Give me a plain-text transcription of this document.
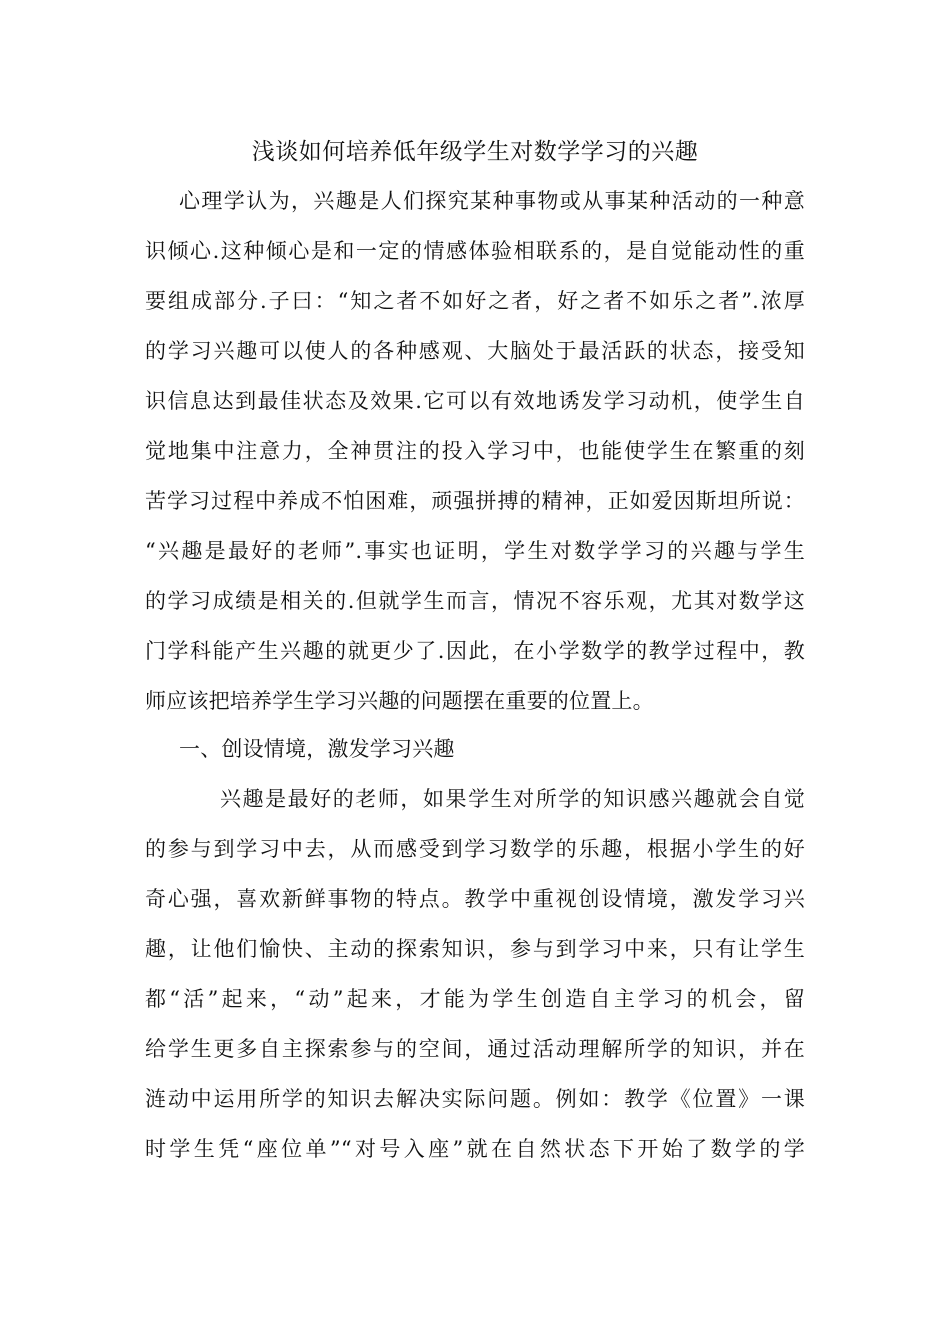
浅谈如何培养低年级学生对数学学习的兴趣
心理学认为，兴趣是人们探究某种事物或从事某种活动的一种意
识倾心.这种倾心是和一定的情感体验相联系的，是自觉能动性的重
要组成部分.子曰：“知之者不如好之者，好之者不如乐之者”.浓厚
的学习兴趣可以使人的各种感观、大脑处于最活跃的状态，接受知
识信息达到最佳状态及效果.它可以有效地诱发学习动机，使学生自
觉地集中注意力，全神贯注的投入学习中，也能使学生在繁重的刻
苦学习过程中养成不怕困难，顽强拼搏的精神，正如爱因斯坦所说：
“兴趣是最好的老师”.事实也证明，学生对数学学习的兴趣与学生
的学习成绩是相关的.但就学生而言，情况不容乐观，尤其对数学这
门学科能产生兴趣的就更少了.因此，在小学数学的教学过程中，教
师应该把培养学生学习兴趣的问题摆在重要的位置上。
一、创设情境，激发学习兴趣
兴趣是最好的老师，如果学生对所学的知识感兴趣就会自觉
的参与到学习中去，从而感受到学习数学的乐趣，根据小学生的好
奇心强，喜欢新鲜事物的特点。教学中重视创设情境，激发学习兴
趣，让他们愉快、主动的探索知识，参与到学习中来，只有让学生
都“活”起来，“动”起来，才能为学生创造自主学习的机会，留
给学生更多自主探索参与的空间，通过活动理解所学的知识，并在
涟动中运用所学的知识去解决实际问题。例如：教学《位置》一课
时学生凭“座位单”“对号入座”就在自然状态下开始了数学的学
